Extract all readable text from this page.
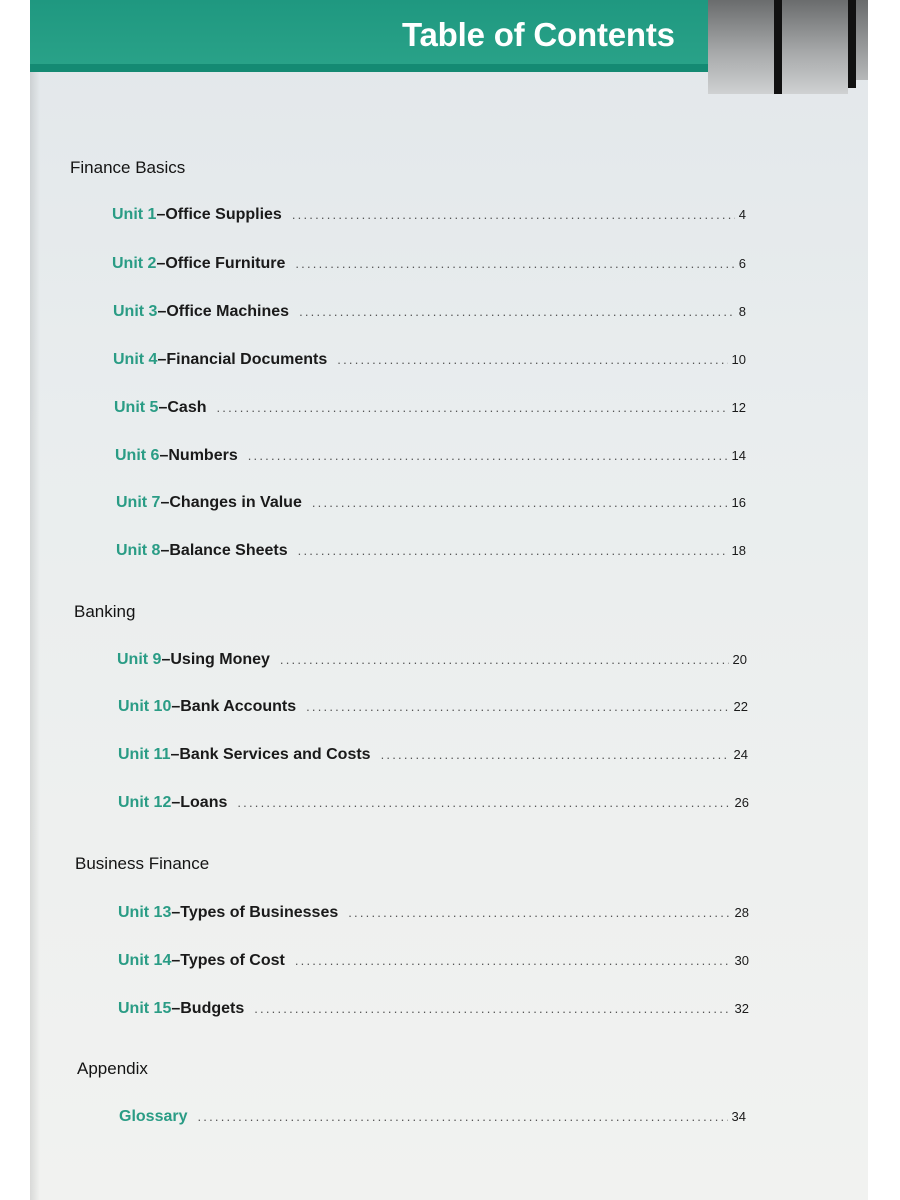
Table of Contents
Finance Basics
Unit 1 – Office Supplies .....	4
Unit 2 – Office Furniture .....	6
Unit 3 – Office Machines .....	8
Unit 4 – Financial Documents .....	10
Unit 5 – Cash .....	12
Unit 6 – Numbers .....	14
Unit 7 – Changes in Value .....	16
Unit 8 – Balance Sheets .....	18
Banking
Unit 9 – Using Money .....	20
Unit 10 – Bank Accounts .....	22
Unit 11 – Bank Services and Costs .....	24
Unit 12 – Loans .....	26
Business Finance
Unit 13 – Types of Businesses .....	28
Unit 14 – Types of Cost .....	30
Unit 15 – Budgets .....	32
Appendix
Glossary .....	34
